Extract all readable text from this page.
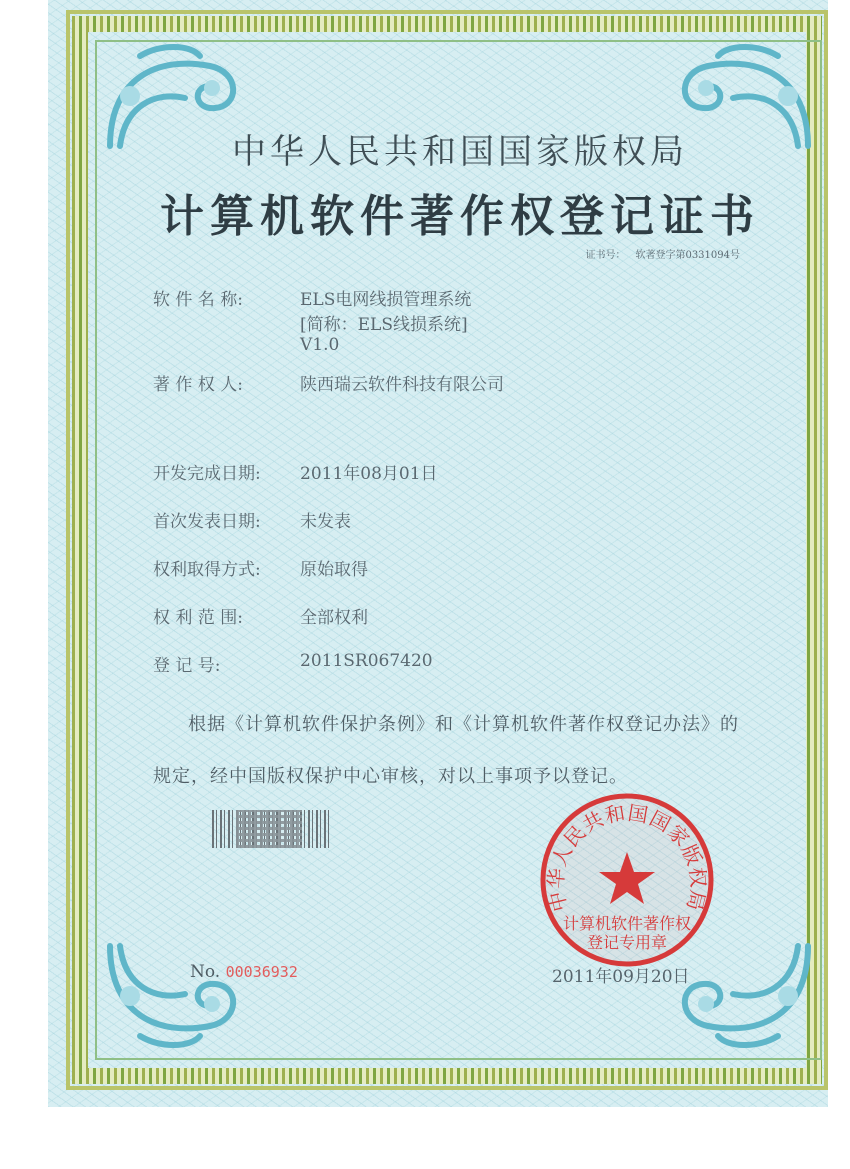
中华人民共和国国家版权局
计算机软件著作权登记证书
证书号： 软著登字第0331094号
软 件 名 称:	ELS电网线损管理系统
[简称：ELS线损系统]
V1.0
著 作 权 人:	陕西瑞云软件科技有限公司
开发完成日期: 2011年08月01日
首次发表日期: 未发表
权利取得方式: 原始取得
权 利 范 围:	全部权利
登 记 号:	2011SR067420
根据《计算机软件保护条例》和《计算机软件著作权登记办法》的
规定，经中国版权保护中心审核，对以上事项予以登记。
No. 00036932	2011年09月20日
中华人民共和国国家版权局
计算机软件著作权
登记专用章
